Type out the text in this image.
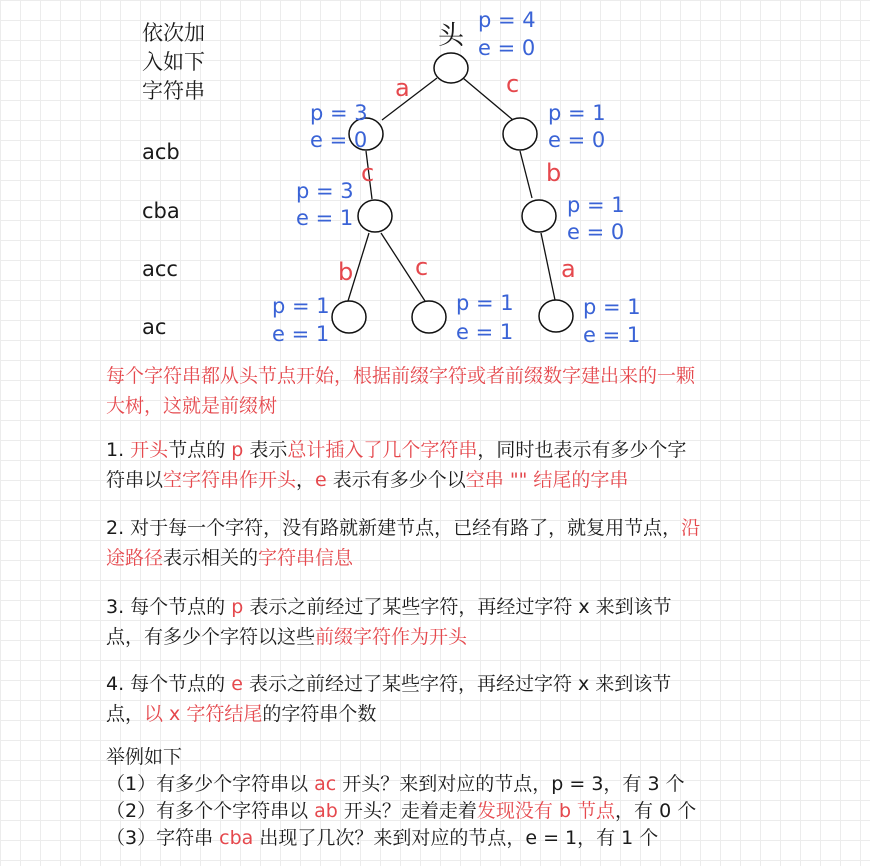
依次加
入如下
字符串
acb
cba
acc
ac
a	c
c	b
b	c	a
头
p = 4
e = 0
p = 3
e = 0
p = 1
e = 0
p = 3
e = 1
p = 1
e = 0
p = 1
e = 1
p = 1
e = 1
p = 1
e = 1
每个字符串都从头节点开始，根据前缀字符或者前缀数字建出来的一颗
大树，这就是前缀树
1. 开头节点的 p 表示总计插入了几个字符串，同时也表示有多少个字
符串以空字符串作开头，e 表示有多少个以空串 "" 结尾的字串
2. 对于每一个字符，没有路就新建节点，已经有路了，就复用节点，沿
途路径表示相关的字符串信息
3. 每个节点的 p 表示之前经过了某些字符，再经过字符 x 来到该节
点，有多少个字符以这些前缀字符作为开头
4. 每个节点的 e 表示之前经过了某些字符，再经过字符 x 来到该节
点，以 x 字符结尾的字符串个数
举例如下
（1）有多少个字符串以 ac 开头？来到对应的节点，p = 3，有 3 个
（2）有多个个字符串以 ab 开头？走着走着发现没有 b 节点，有 0 个
（3）字符串 cba 出现了几次？来到对应的节点，e = 1，有 1 个
